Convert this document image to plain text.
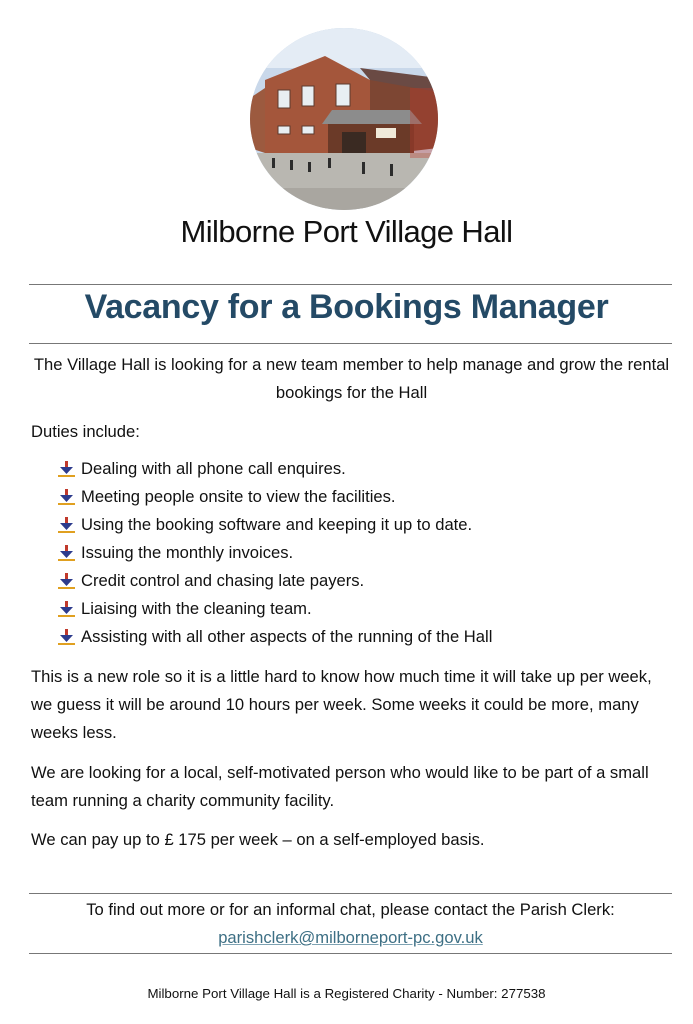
Milborne Port Village Hall
Vacancy for a Bookings Manager
The Village Hall is looking for a new team member to help manage and grow the rental bookings for the Hall
Duties include:
Dealing with all phone call enquires.
Meeting people onsite to view the facilities.
Using the booking software and keeping it up to date.
Issuing the monthly invoices.
Credit control and chasing late payers.
Liaising with the cleaning team.
Assisting with all other aspects of the running of the Hall

This is a new role so it is a little hard to know how much time it will take up per week, we guess it will be around 10 hours per week. Some weeks it could be more, many weeks less.

We are looking for a local, self-motivated person who would like to be part of a small team running a charity community facility.

We can pay up to £ 175 per week – on a self-employed basis.

To find out more or for an informal chat, please contact the Parish Clerk:
parishclerk@milborneport-pc.gov.uk
Milborne Port Village Hall is a Registered Charity - Number: 277538
